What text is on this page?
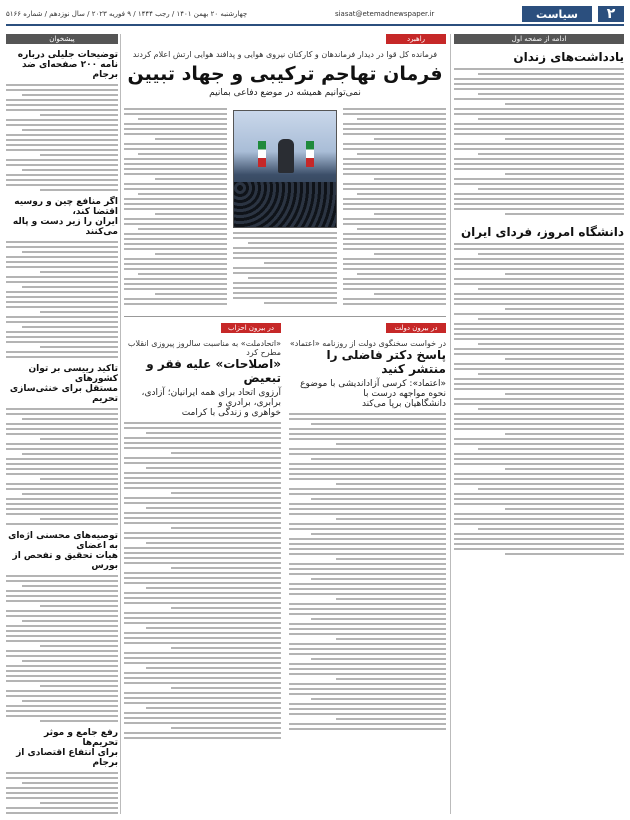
۲
سیاست
siasat@etemadnewspaper.ir
چهارشنبه ۲۰ بهمن ۱۴۰۱ / رجب ۱۴۴۴ / ۹ فوریه ۲۰۲۳ / سال نوزدهم / شماره ۵۱۶۶
ادامه از صفحه اول
یادداشت‌های زندان
دانشگاه امروز، فردای ایران
راهبرد
فرمانده کل قوا در دیدار فرماندهان و کارکنان نیروی هوایی و پدافند هوایی ارتش اعلام کردند
فرمان تهاجم ترکیبی و جهاد تبیین
نمی‌توانیم همیشه در موضع دفاعی بمانیم
در بیرون دولت
در خواست سخنگوی دولت از روزنامه «اعتماد»
پاسخ دکتر فاضلی را منتشر کنید
«اعتماد»: کرسی آزاداندیشی با موضوع نحوه مواجهه درست با
دانشگاهیان برپا می‌کند
در بیرون احزاب
«اتحادملت» به مناسبت سالروز پیروزی انقلاب مطرح کرد
«اصلاحات» علیه فقر و تبعیض
آرزوی اتحاد برای همه ایرانیان؛ آزادی، برابری، برادری و
خواهری و زندگی با کرامت
پیشخوان
توضیحات جلیلی درباره
نامه ۲۰۰ صفحه‌ای ضد برجام
اگر منافع چین و روسیه اقتضا کند،
ایران را زیر دست و پاله می‌کنند
تاکید رییسی بر توان کشورهای
مستقل برای خنثی‌سازی تحریم
توصیه‌های محسنی اژه‌ای به اعضای
هیات تحقیق و تفحص از بورس
رفع جامع و موثر تحریم‌ها
برای انتفاع اقتصادی از برجام
